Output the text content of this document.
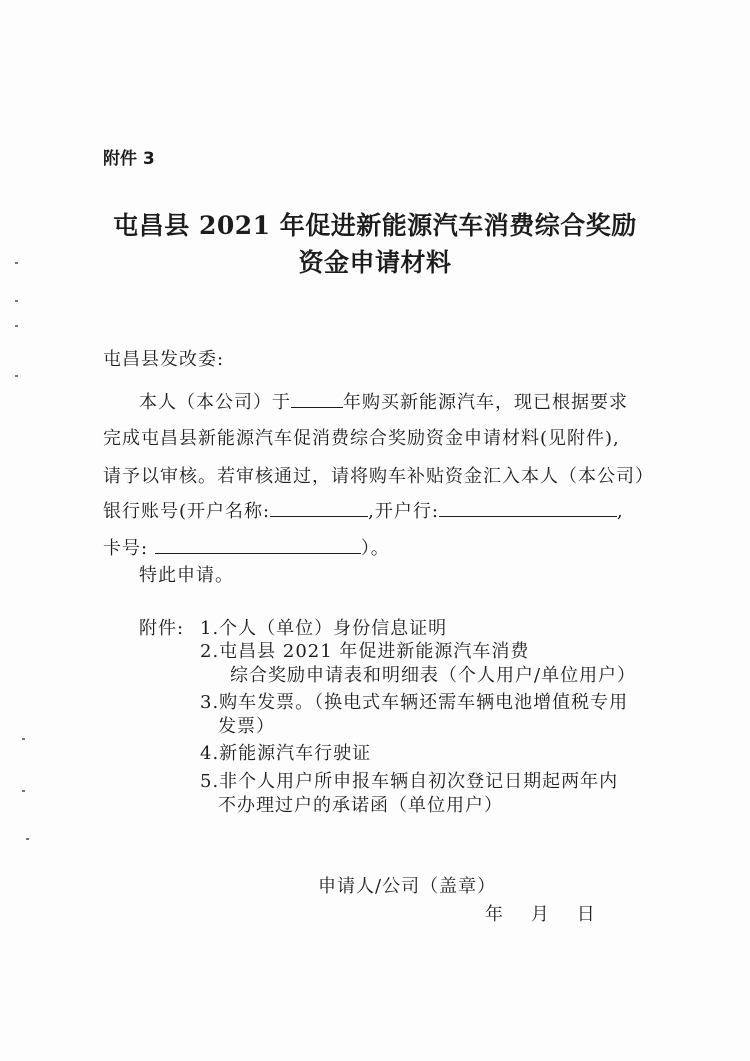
附件 3
屯昌县 2021 年促进新能源汽车消费综合奖励
资金申请材料
屯昌县发改委:
本人（本公司）于	年购买新能源汽车，现已根据要求
完成屯昌县新能源汽车促消费综合奖励资金申请材料(见附件),
请予以审核。若审核通过，请将购车补贴资金汇入本人（本公司）
银行账号(开户名称:	,开户行:	,
卡号:	）。
特此申请。
附件: 1.个人（单位）身份信息证明
2.屯昌县 2021 年促进新能源汽车消费
综合奖励申请表和明细表（个人用户/单位用户）
3.购车发票。（换电式车辆还需车辆电池增值税专用
发票）
4.新能源汽车行驶证
5.非个人用户所申报车辆自初次登记日期起两年内
不办理过户的承诺函（单位用户）
申请人/公司（盖章）
年    月    日
